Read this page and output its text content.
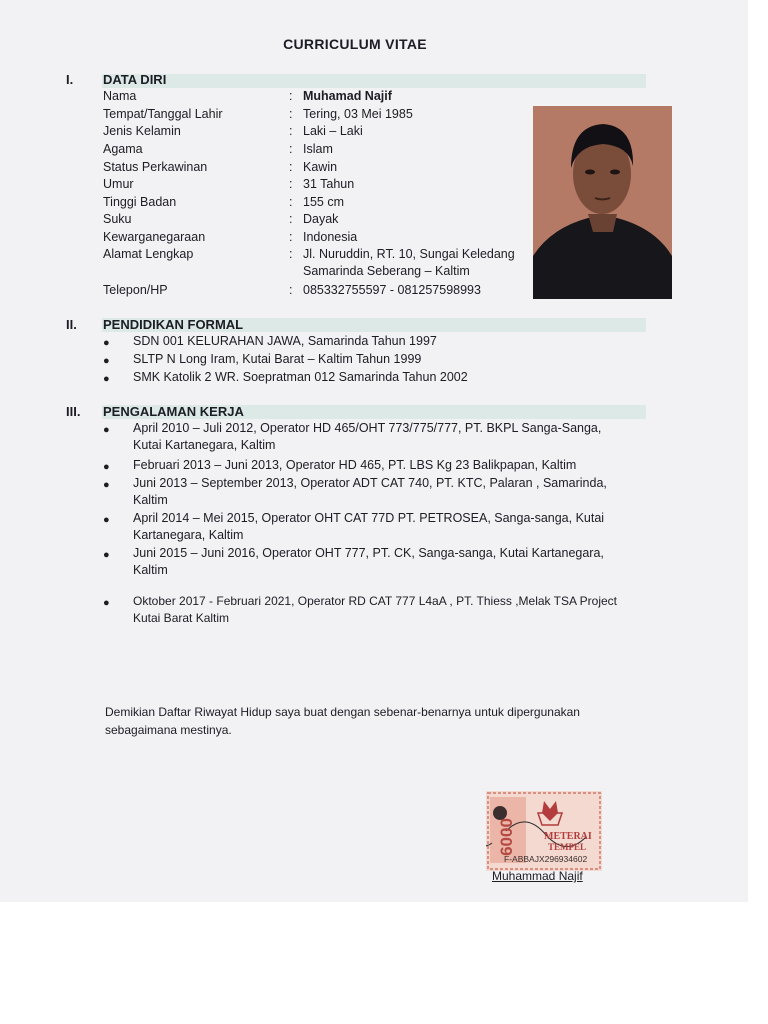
CURRICULUM VITAE
I. DATA DIRI
Nama	: Muhamad Najif
Tempat/Tanggal Lahir	: Tering, 03 Mei 1985
Jenis Kelamin	: Laki – Laki
Agama	: Islam
Status Perkawinan	: Kawin
Umur	: 31 Tahun
Tinggi Badan	: 155 cm
Suku	: Dayak
Kewarganegaraan	: Indonesia
Alamat Lengkap	: Jl. Nuruddin, RT. 10, Sungai Keledang
Samarinda Seberang – Kaltim
Telepon/HP	: 085332755597 - 081257598993
II. PENDIDIKAN FORMAL
● SDN 001 KELURAHAN JAWA, Samarinda Tahun 1997
● SLTP N Long Iram, Kutai Barat – Kaltim Tahun 1999
● SMK Katolik 2 WR. Soepratman 012 Samarinda Tahun 2002
III. PENGALAMAN KERJA
● April 2010 – Juli 2012, Operator HD 465/OHT 773/775/777, PT. BKPL Sanga-Sanga,
Kutai Kartanegara, Kaltim
● Februari 2013 – Juni 2013, Operator HD 465, PT. LBS Kg 23 Balikpapan, Kaltim
● Juni 2013 – September 2013, Operator ADT CAT 740, PT. KTC, Palaran , Samarinda,
Kaltim
● April 2014 – Mei 2015, Operator OHT CAT 77D PT. PETROSEA, Sanga-sanga, Kutai
Kartanegara, Kaltim
● Juni 2015 – Juni 2016, Operator OHT 777, PT. CK, Sanga-sanga, Kutai Kartanegara,
Kaltim
● Oktober 2017 - Februari 2021, Operator RD CAT 777 L4aA , PT. Thiess ,Melak TSA Project
Kutai Barat Kaltim
Demikian Daftar Riwayat Hidup saya buat dengan sebenar-benarnya untuk dipergunakan sebagaimana mestinya.
6000	METERAI
TEMPEL
F-ABBAJX296934602
Muhammad Najif
